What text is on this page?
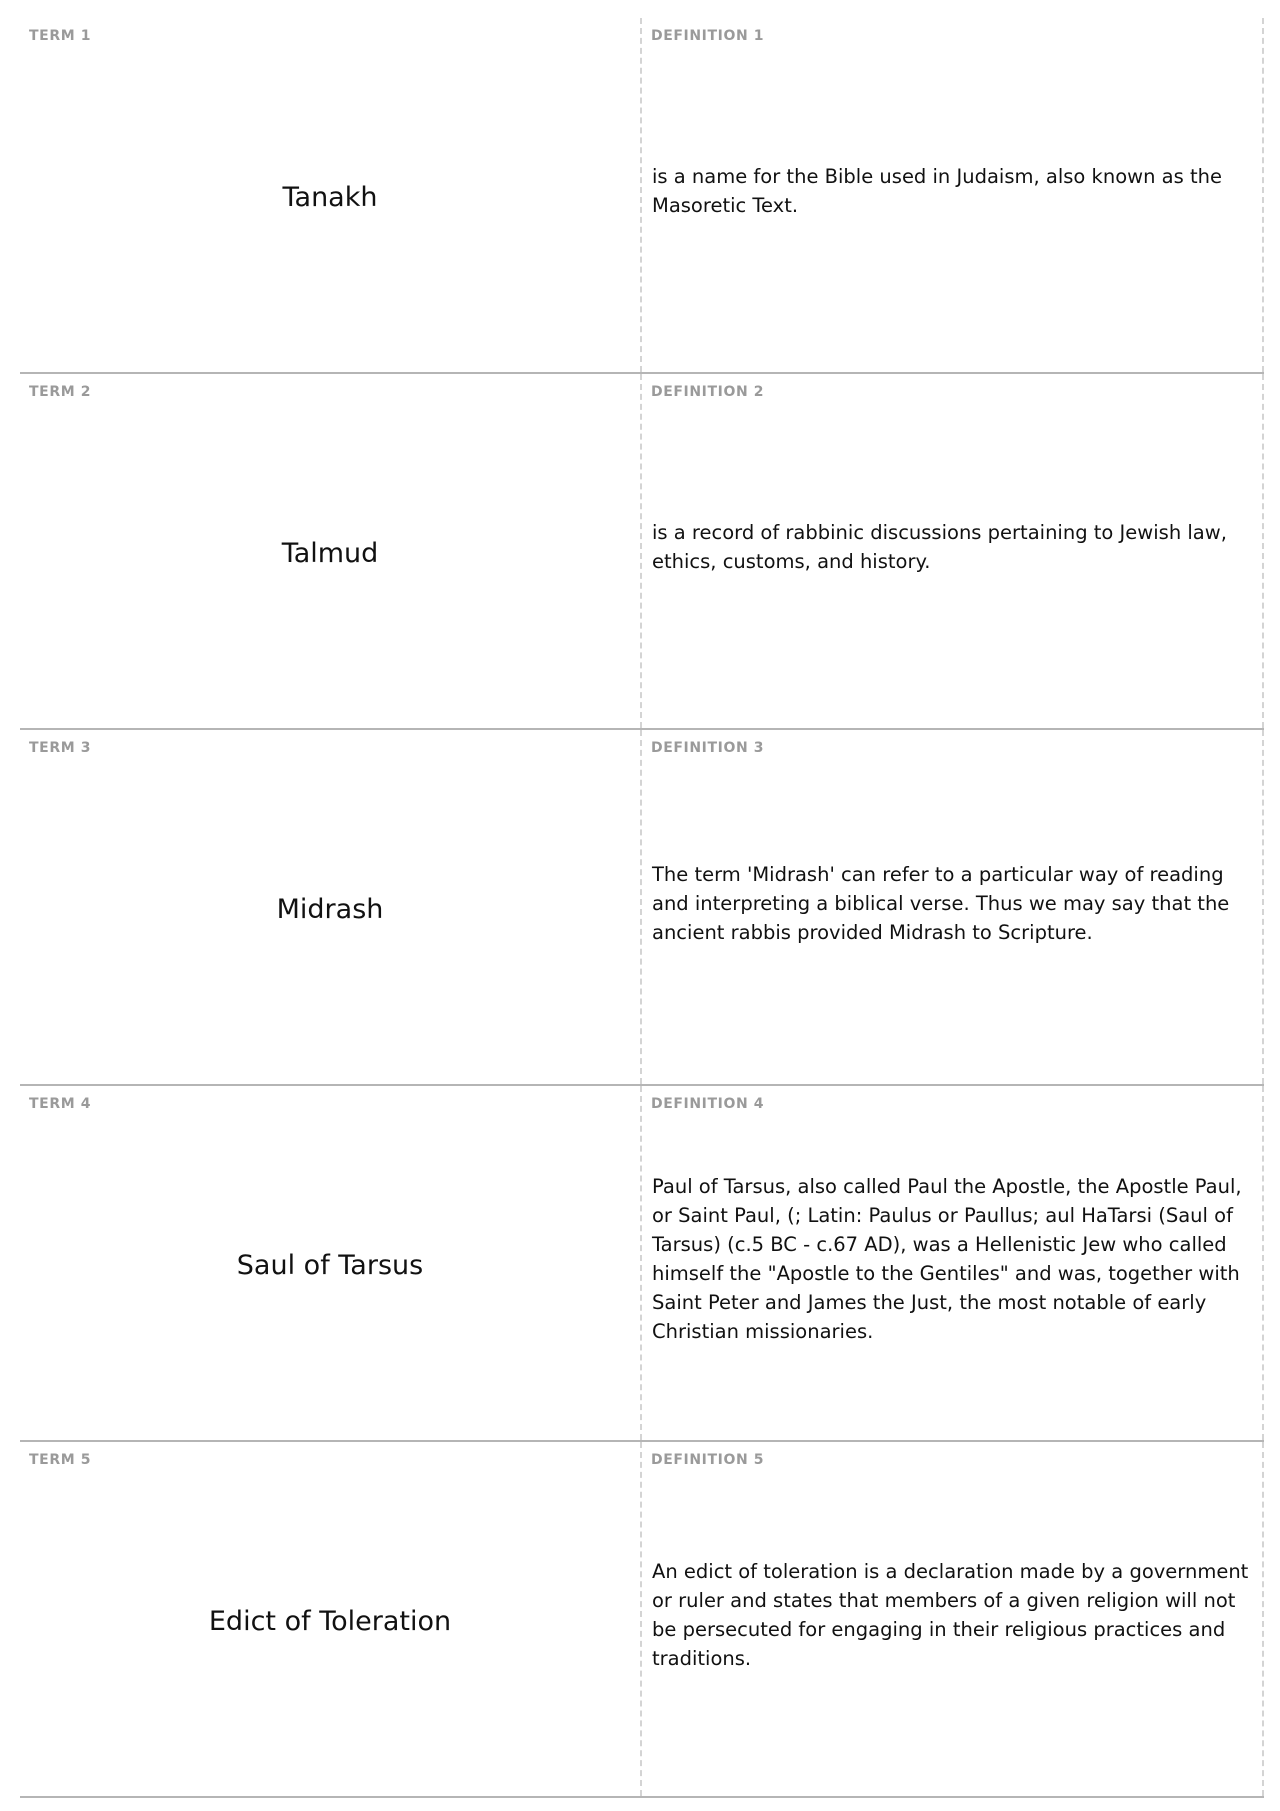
TERM 1
Tanakh
DEFINITION 1
is a name for the Bible used in Judaism, also known as the Masoretic Text.
TERM 2
Talmud
DEFINITION 2
is a record of rabbinic discussions pertaining to Jewish law, ethics, customs, and history.
TERM 3
Midrash
DEFINITION 3
The term 'Midrash' can refer to a particular way of reading and interpreting a biblical verse. Thus we may say that the ancient rabbis provided Midrash to Scripture.
TERM 4
Saul of Tarsus
DEFINITION 4
Paul of Tarsus, also called Paul the Apostle, the Apostle Paul, or Saint Paul, (; Latin: Paulus or Paullus; aul HaTarsi (Saul of Tarsus) (c.5 BC - c.67 AD), was a Hellenistic Jew who called himself the "Apostle to the Gentiles" and was, together with Saint Peter and James the Just, the most notable of early Christian missionaries.
TERM 5
Edict of Toleration
DEFINITION 5
An edict of toleration is a declaration made by a government or ruler and states that members of a given religion will not be persecuted for engaging in their religious practices and traditions.
